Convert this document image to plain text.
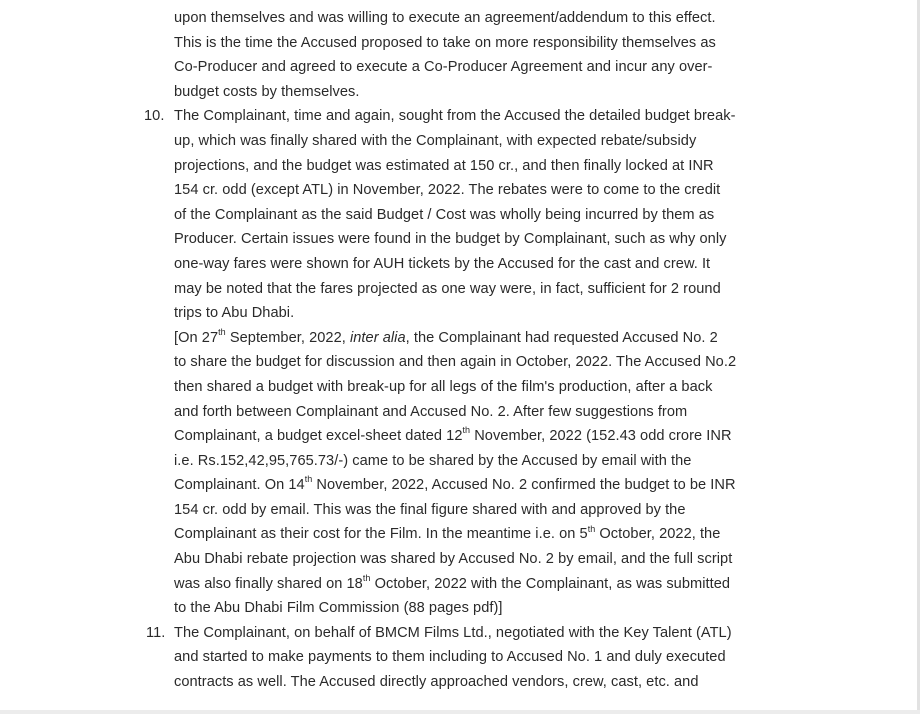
upon themselves and was willing to execute an agreement/addendum to this effect.
This is the time the Accused proposed to take on more responsibility themselves as
Co-Producer and agreed to execute a Co-Producer Agreement and incur any over-
budget costs by themselves.
10. The Complainant, time and again, sought from the Accused the detailed budget break-
up, which was finally shared with the Complainant, with expected rebate/subsidy
projections, and the budget was estimated at 150 cr., and then finally locked at INR
154 cr. odd (except ATL) in November, 2022. The rebates were to come to the credit
of the Complainant as the said Budget / Cost was wholly being incurred by them as
Producer. Certain issues were found in the budget by Complainant, such as why only
one-way fares were shown for AUH tickets by the Accused for the cast and crew. It
may be noted that the fares projected as one way were, in fact, sufficient for 2 round
trips to Abu Dhabi.
[On 27th September, 2022, inter alia, the Complainant had requested Accused No. 2
to share the budget for discussion and then again in October, 2022. The Accused No.2
then shared a budget with break-up for all legs of the film's production, after a back
and forth between Complainant and Accused No. 2. After few suggestions from
Complainant, a budget excel-sheet dated 12th November, 2022 (152.43 odd crore INR
i.e. Rs.152,42,95,765.73/-) came to be shared by the Accused by email with the
Complainant. On 14th November, 2022, Accused No. 2 confirmed the budget to be INR
154 cr. odd by email. This was the final figure shared with and approved by the
Complainant as their cost for the Film. In the meantime i.e. on 5th October, 2022, the
Abu Dhabi rebate projection was shared by Accused No. 2 by email, and the full script
was also finally shared on 18th October, 2022 with the Complainant, as was submitted
to the Abu Dhabi Film Commission (88 pages pdf)]
11. The Complainant, on behalf of BMCM Films Ltd., negotiated with the Key Talent (ATL)
and started to make payments to them including to Accused No. 1 and duly executed
contracts as well. The Accused directly approached vendors, crew, cast, etc. and
